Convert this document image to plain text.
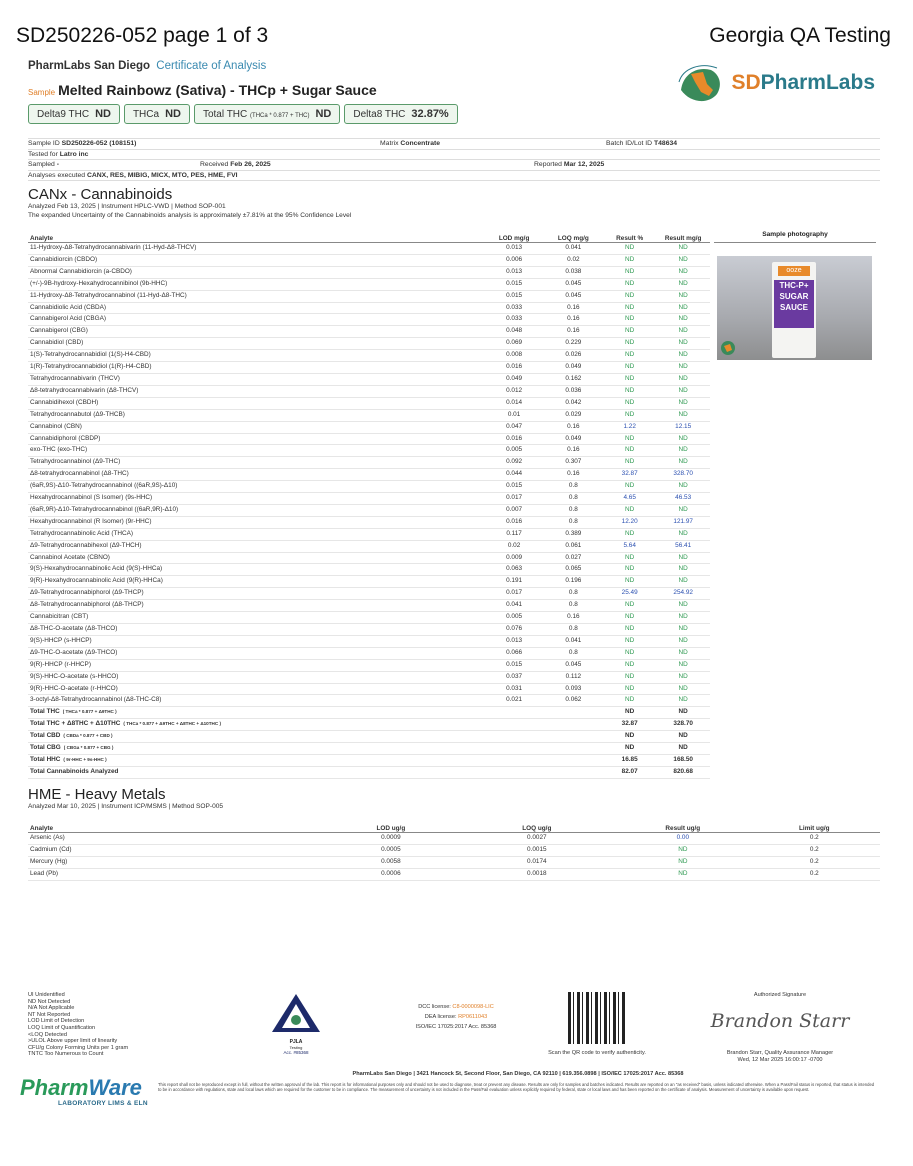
SD250226-052 page 1 of 3	Georgia QA Testing
PharmLabs San Diego Certificate of Analysis
Sample Melted Rainbowz (Sativa) - THCp + Sugar Sauce	SDPharmLabs
Delta9 THC ND	THCa ND	Total THC (THCa * 0.877 + THC) ND	Delta8 THC 32.87%
Sample ID SD250226-052 (108151)	Matrix Concentrate	Batch ID/Lot ID T48634
Tested for Latro inc
Sampled -	Received Feb 26, 2025	Reported Mar 12, 2025
Analyses executed CANX, RES, MIBIG, MICX, MTO, PES, HME, FVI
CANx - Cannabinoids
Analyzed Feb 13, 2025 | Instrument HPLC-VWD | Method SOP-001
The expanded Uncertainty of the Cannabinoids analysis is approximately ±7.81% at the 95% Confidence Level
Analyte	LOD mg/g	LOQ mg/g	Result %	Result mg/g
11-Hydroxy-Δ8-Tetrahydrocannabivarin (11-Hyd-Δ8-THCV)	0.013	0.041	ND	ND
Cannabidiorcin (CBDO)	0.006	0.02	ND	ND
Abnormal Cannabidiorcin (a-CBDO)	0.013	0.038	ND	ND
(+/-)-9B-hydroxy-Hexahydrocannibinol (9b-HHC)	0.015	0.045	ND	ND
11-Hydroxy-Δ8-Tetrahydrocannabinol (11-Hyd-Δ8-THC)	0.015	0.045	ND	ND
Cannabidiolic Acid (CBDA)	0.033	0.16	ND	ND
Cannabigerol Acid (CBGA)	0.033	0.16	ND	ND
Cannabigerol (CBG)	0.048	0.16	ND	ND
Cannabidiol (CBD)	0.069	0.229	ND	ND
1(S)-Tetrahydrocannabidiol (1(S)-H4-CBD)	0.008	0.026	ND	ND
1(R)-Tetrahydrocannabidiol (1(R)-H4-CBD)	0.016	0.049	ND	ND
Tetrahydrocannabivarin (THCV)	0.049	0.162	ND	ND
Δ8-tetrahydrocannabivarin (Δ8-THCV)	0.012	0.036	ND	ND
Cannabidihexol (CBDH)	0.014	0.042	ND	ND
Tetrahydrocannabutol (Δ9-THCB)	0.01	0.029	ND	ND
Cannabinol (CBN)	0.047	0.16	1.22	12.15
Cannabidiphorol (CBDP)	0.016	0.049	ND	ND
exo-THC (exo-THC)	0.005	0.16	ND	ND
Tetrahydrocannabinol (Δ9-THC)	0.092	0.307	ND	ND
Δ8-tetrahydrocannabinol (Δ8-THC)	0.044	0.16	32.87	328.70
(6aR,9S)-Δ10-Tetrahydrocannabinol ((6aR,9S)-Δ10)	0.015	0.8	ND	ND
Hexahydrocannabinol (S Isomer) (9s-HHC)	0.017	0.8	4.65	46.53
(6aR,9R)-Δ10-Tetrahydrocannabinol ((6aR,9R)-Δ10)	0.007	0.8	ND	ND
Hexahydrocannabinol (R Isomer) (9r-HHC)	0.016	0.8	12.20	121.97
Tetrahydrocannabinolic Acid (THCA)	0.117	0.389	ND	ND
Δ9-Tetrahydrocannabihexol (Δ9-THCH)	0.02	0.061	5.64	56.41
Cannabinol Acetate (CBNO)	0.009	0.027	ND	ND
9(S)-Hexahydrocannabinolic Acid (9(S)-HHCa)	0.063	0.065	ND	ND
9(R)-Hexahydrocannabinolic Acid (9(R)-HHCa)	0.191	0.196	ND	ND
Δ9-Tetrahydrocannabiphorol (Δ9-THCP)	0.017	0.8	25.49	254.92
Δ8-Tetrahydrocannabiphorol (Δ8-THCP)	0.041	0.8	ND	ND
Cannabicitran (CBT)	0.005	0.16	ND	ND
Δ8-THC-O-acetate (Δ8-THCO)	0.076	0.8	ND	ND
9(S)-HHCP (s-HHCP)	0.013	0.041	ND	ND
Δ9-THC-O-acetate (Δ9-THCO)	0.066	0.8	ND	ND
9(R)-HHCP (r-HHCP)	0.015	0.045	ND	ND
9(S)-HHC-O-acetate (s-HHCO)	0.037	0.112	ND	ND
9(R)-HHC-O-acetate (r-HHCO)	0.031	0.093	ND	ND
3-octyl-Δ8-Tetrahydrocannabinol (Δ8-THC-C8)	0.021	0.062	ND	ND
Total THC ( THCa * 0.877 + Δ9THC )			ND	ND
Total THC + Δ8THC + Δ10THC ( THCa * 0.877 + Δ9THC + Δ8THC + Δ10THC )			32.87	328.70
Total CBD ( CBDa * 0.877 + CBD )			ND	ND
Total CBG ( CBGa * 0.877 + CBG )			ND	ND
Total HHC ( 9r-HHC + 9s-HHC )			16.85	168.50
Total Cannabinoids Analyzed			82.07	820.68
Sample photography
ooze
THC-P+ SUGAR SAUCE
HME - Heavy Metals
Analyzed Mar 10, 2025 | Instrument ICP/MSMS | Method SOP-005
Analyte	LOD ug/g	LOQ ug/g	Result ug/g	Limit ug/g
Arsenic (As)	0.0009	0.0027	0.00	0.2
Cadmium (Cd)	0.0005	0.0015	ND	0.2
Mercury (Hg)	0.0058	0.0174	ND	0.2
Lead (Pb)	0.0006	0.0018	ND	0.2
UI Unidentified
ND Not Detected
N/A Not Applicable
NT Not Reported
LOD Limit of Detection
LOQ Limit of Quantification
<LOQ Detected
>ULOL Above upper limit of linearity
CFU/g Colony Forming Units per 1 gram
TNTC Too Numerous to Count
PJLA
Testing
Acc. #85368
DCC license: C8-0000098-LIC
DEA license: RP0611043
ISO/IEC 17025:2017 Acc. 85368
Scan the QR code to verify authenticity.
Authorized Signature
Brandon Starr
Brandon Starr, Quality Assurance Manager
Wed, 12 Mar 2025 16:00:17 -0700
PharmWare
LABORATORY LIMS & ELN
PharmLabs San Diego | 3421 Hancock St, Second Floor, San Diego, CA 92110 | 619.356.0898 | ISO/IEC 17025:2017 Acc. 85368
This report shall not be reproduced except in full, without the written approval of the lab. This report is for informational purposes only and should not be used to diagnose, treat or prevent any disease. Results are only for samples and batches indicated. Results are reported on an "as received" basis, unless indicated otherwise. When a Pass/Fail status is reported, that status is intended to be in accordance with regulations, state and local laws which are required for the customer to be in compliance. The measurement of uncertainty is not included in the Pass/Fail evaluation unless explicitly required by federal, state or local laws and has been reported on the certificate of analysis. Measurement of uncertainty is available upon request.
